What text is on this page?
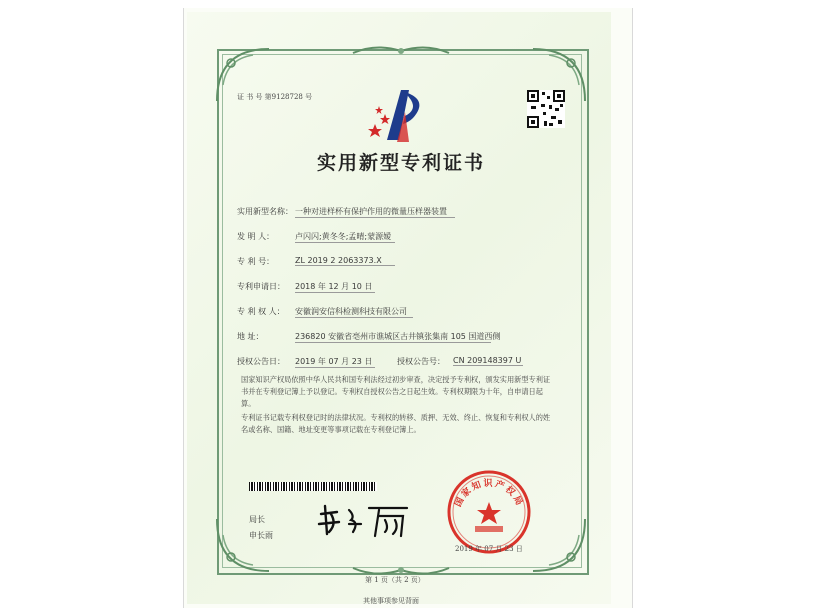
证 书 号 第9128728 号
实用新型专利证书
实用新型名称： 一种对进样杯有保护作用的微量压样器装置
发 明 人：	卢闪闪;黄冬冬;孟晴;蒙源嫒
专 利 号：	ZL 2019 2 2063373.X
专利申请日： 2018 年 12 月 10 日
专 利 权 人： 安徽润安信科检测科技有限公司
地 址：	236820 安徽省亳州市谯城区古井镇张集南 105 国道西侧
授权公告日： 2019 年 07 月 23 日	授权公告号： CN 209148397 U
国家知识产权局依照中华人民共和国专利法经过初步审查，决定授予专利权，颁发实用新型专利证书并在专利登记簿上予以登记。专利权自授权公告之日起生效。专利权期限为十年，自申请日起算。
专利证书记载专利权登记时的法律状况。专利权的转移、质押、无效、终止、恢复和专利权人的姓名或名称、国籍、地址变更等事项记载在专利登记簿上。
局长
申长雨
国家知识产权局
2019 年 07 月 23 日
第 1 页（共 2 页）
其他事项参见背面
